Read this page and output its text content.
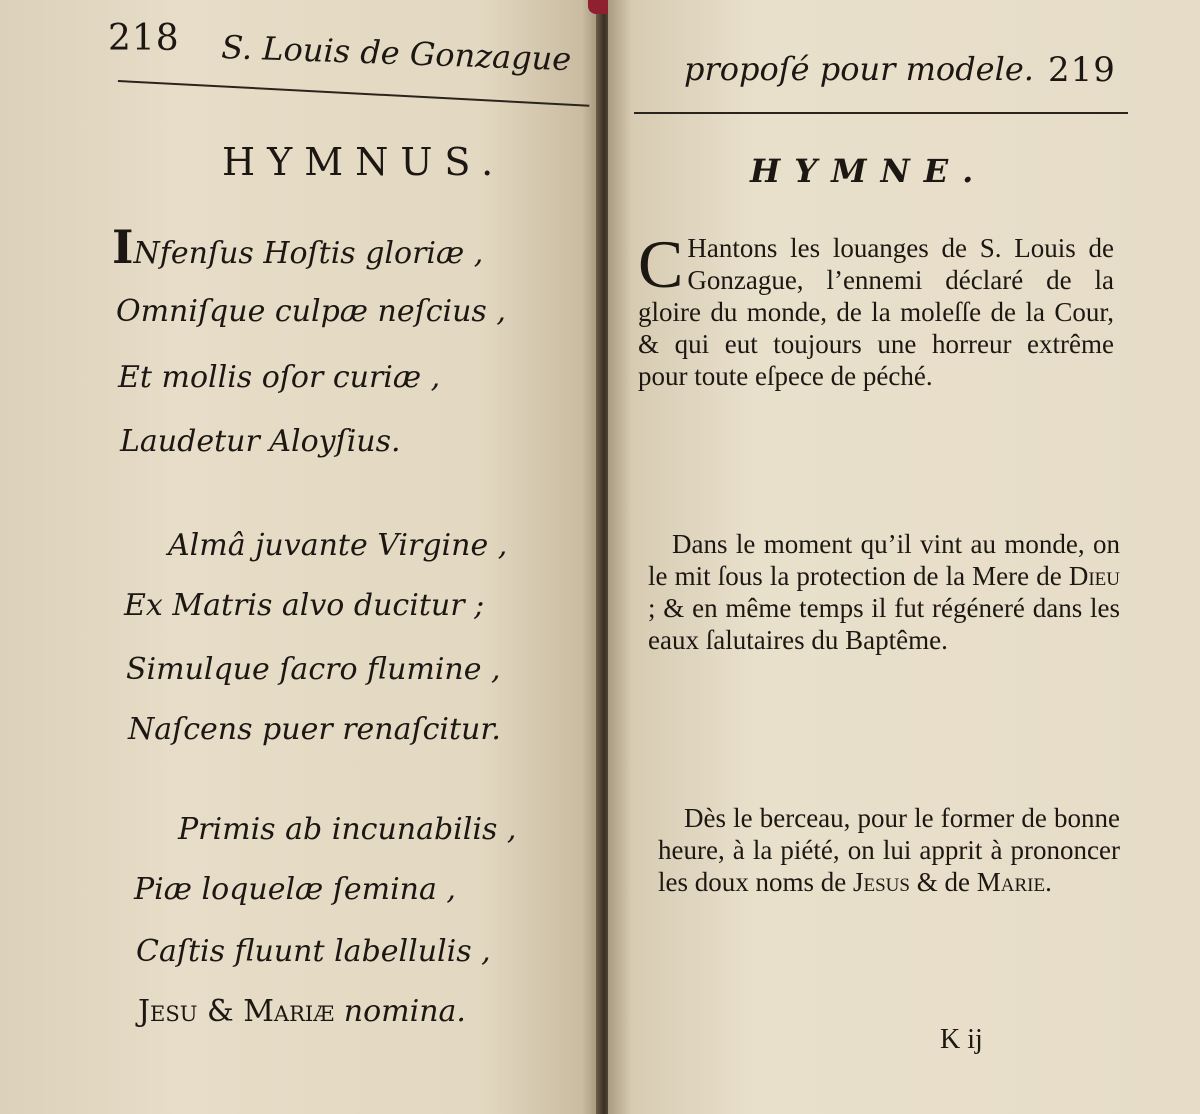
218 S. Louis de Gonzague
HYMNUS.
INfenſus Hoſtis gloriæ ,
Omniſque culpæ neſcius ,
Et mollis oſor curiæ ,
Laudetur Aloyſius.
Almâ juvante Virgine ,
Ex Matris alvo ducitur ;
Simulque ſacro flumine ,
Naſcens puer renaſcitur.
Primis ab incunabilis ,
Piæ loquelæ ſemina ,
Caſtis fluunt labellulis ,
Jesu & Mariæ nomina.
propoſé pour modele. 219
HYMNE.
C Hantons les louanges de S. Louis de Gonzague, l’ennemi déclaré de la gloire du monde, de la moleſſe de la Cour, & qui eut toujours une horreur extrême pour toute eſpece de péché.
Dans le moment qu’il vint au monde, on le mit ſous la protection de la Mere de Dieu ; & en même temps il fut régéneré dans les eaux ſalutaires du Baptême.
Dès le berceau, pour le former de bonne heure, à la piété, on lui apprit à prononcer les doux noms de Jesus & de Marie.
K ij
